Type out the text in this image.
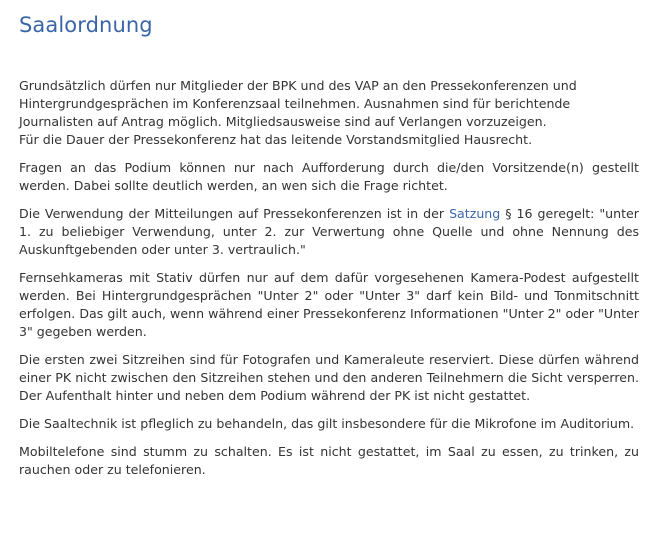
Saalordnung

Grundsätzlich dürfen nur Mitglieder der BPK und des VAP an den Pressekonferenzen und
Hintergrundgesprächen im Konferenzsaal teilnehmen. Ausnahmen sind für berichtende
Journalisten auf Antrag möglich. Mitgliedsausweise sind auf Verlangen vorzuzeigen.
Für die Dauer der Pressekonferenz hat das leitende Vorstandsmitglied Hausrecht.

Fragen an das Podium können nur nach Aufforderung durch die/den Vorsitzende(n) gestellt werden. Dabei sollte deutlich werden, an wen sich die Frage richtet.

Die Verwendung der Mitteilungen auf Pressekonferenzen ist in der Satzung § 16 geregelt: "unter 1. zu beliebiger Verwendung, unter 2. zur Verwertung ohne Quelle und ohne Nennung des Auskunftgebenden oder unter 3. vertraulich."

Fernsehkameras mit Stativ dürfen nur auf dem dafür vorgesehenen Kamera-Podest aufgestellt werden. Bei Hintergrundgesprächen "Unter 2" oder "Unter 3" darf kein Bild- und Tonmitschnitt erfolgen. Das gilt auch, wenn während einer Pressekonferenz Informationen "Unter 2" oder "Unter 3" gegeben werden.

Die ersten zwei Sitzreihen sind für Fotografen und Kameraleute reserviert. Diese dürfen während einer PK nicht zwischen den Sitzreihen stehen und den anderen Teilnehmern die Sicht versperren. Der Aufenthalt hinter und neben dem Podium während der PK ist nicht gestattet.

Die Saaltechnik ist pfleglich zu behandeln, das gilt insbesondere für die Mikrofone im Auditorium.

Mobiltelefone sind stumm zu schalten. Es ist nicht gestattet, im Saal zu essen, zu trinken, zu rauchen oder zu telefonieren.
